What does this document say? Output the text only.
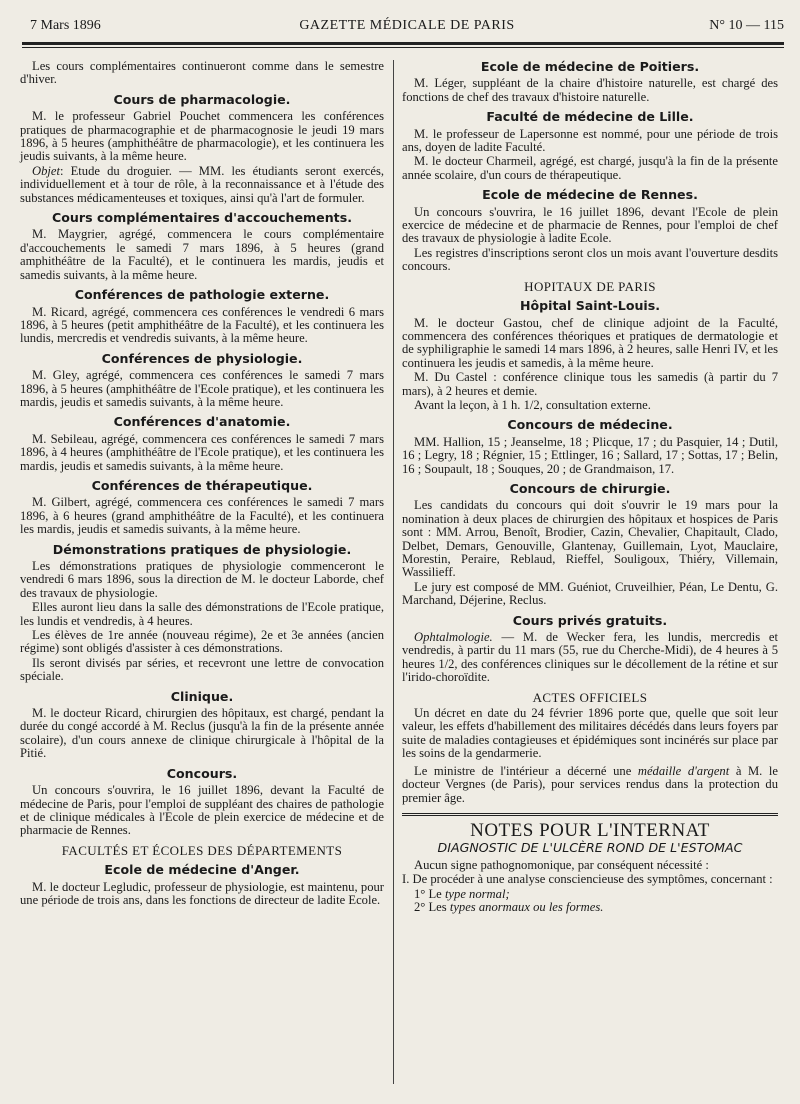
7 Mars 1896	GAZETTE MÉDICALE DE PARIS	N° 10 — 115

Les cours complémentaires continueront comme dans le semestre d'hiver.

Cours de pharmacologie.

M. le professeur Gabriel Pouchet commencera les conférences pratiques de pharmacographie et de pharmacognosie le jeudi 19 mars 1896, à 5 heures (amphithéâtre de pharmacologie), et les continuera les jeudis suivants, à la même heure.

Objet: Etude du droguier. — MM. les étudiants seront exercés, individuellement et à tour de rôle, à la reconnaissance et à l'étude des substances médicamenteuses et toxiques, ainsi qu'à l'art de formuler.

Cours complémentaires d'accouchements.

M. Maygrier, agrégé, commencera le cours complémentaire d'accouchements le samedi 7 mars 1896, à 5 heures (grand amphithéâtre de la Faculté), et le continuera les mardis, jeudis et samedis suivants, à la même heure.

Conférences de pathologie externe.

M. Ricard, agrégé, commencera ces conférences le vendredi 6 mars 1896, à 5 heures (petit amphithéâtre de la Faculté), et les continuera les lundis, mercredis et vendredis suivants, à la même heure.

Conférences de physiologie.

M. Gley, agrégé, commencera ces conférences le samedi 7 mars 1896, à 5 heures (amphithéâtre de l'Ecole pratique), et les continuera les mardis, jeudis et samedis suivants, à la même heure.

Conférences d'anatomie.

M. Sebileau, agrégé, commencera ces conférences le samedi 7 mars 1896, à 4 heures (amphithéâtre de l'Ecole pratique), et les continuera les mardis, jeudis et samedis suivants, à la même heure.

Conférences de thérapeutique.

M. Gilbert, agrégé, commencera ces conférences le samedi 7 mars 1896, à 6 heures (grand amphithéâtre de la Faculté), et les continuera les mardis, jeudis et samedis suivants, à la même heure.

Démonstrations pratiques de physiologie.

Les démonstrations pratiques de physiologie commenceront le vendredi 6 mars 1896, sous la direction de M. le docteur Laborde, chef des travaux de physiologie.

Elles auront lieu dans la salle des démonstrations de l'Ecole pratique, les lundis et vendredis, à 4 heures.

Les élèves de 1re année (nouveau régime), 2e et 3e années (ancien régime) sont obligés d'assister à ces démonstrations.

Ils seront divisés par séries, et recevront une lettre de convocation spéciale.

Clinique.

M. le docteur Ricard, chirurgien des hôpitaux, est chargé, pendant la durée du congé accordé à M. Reclus (jusqu'à la fin de la présente année scolaire), d'un cours annexe de clinique chirurgicale à l'hôpital de la Pitié.

Concours.

Un concours s'ouvrira, le 16 juillet 1896, devant la Faculté de médecine de Paris, pour l'emploi de suppléant des chaires de pathologie et de clinique médicales à l'Ecole de plein exercice de médecine et de pharmacie de Rennes.

FACULTÉS ET ÉCOLES DES DÉPARTEMENTS
Ecole de médecine d'Anger.

M. le docteur Legludic, professeur de physiologie, est maintenu, pour une période de trois ans, dans les fonctions de directeur de ladite Ecole.

Ecole de médecine de Poitiers.

M. Léger, suppléant de la chaire d'histoire naturelle, est chargé des fonctions de chef des travaux d'histoire naturelle.

Faculté de médecine de Lille.

M. le professeur de Lapersonne est nommé, pour une période de trois ans, doyen de ladite Faculté.

M. le docteur Charmeil, agrégé, est chargé, jusqu'à la fin de la présente année scolaire, d'un cours de thérapeutique.

Ecole de médecine de Rennes.

Un concours s'ouvrira, le 16 juillet 1896, devant l'Ecole de plein exercice de médecine et de pharmacie de Rennes, pour l'emploi de chef des travaux de physiologie à ladite Ecole.

Les registres d'inscriptions seront clos un mois avant l'ouverture desdits concours.

HOPITAUX DE PARIS
Hôpital Saint-Louis.

M. le docteur Gastou, chef de clinique adjoint de la Faculté, commencera des conférences théoriques et pratiques de dermatologie et de syphiligraphie le samedi 14 mars 1896, à 2 heures, salle Henri IV, et les continuera les jeudis et samedis, à la même heure.

M. Du Castel : conférence clinique tous les samedis (à partir du 7 mars), à 2 heures et demie.

Avant la leçon, à 1 h. 1/2, consultation externe.

Concours de médecine.

MM. Hallion, 15 ; Jeanselme, 18 ; Plicque, 17 ; du Pasquier, 14 ; Dutil, 16 ; Legry, 18 ; Régnier, 15 ; Ettlinger, 16 ; Sallard, 17 ; Sottas, 17 ; Belin, 16 ; Soupault, 18 ; Souques, 20 ; de Grandmaison, 17.

Concours de chirurgie.

Les candidats du concours qui doit s'ouvrir le 19 mars pour la nomination à deux places de chirurgien des hôpitaux et hospices de Paris sont : MM. Arrou, Benoît, Brodier, Cazin, Chevalier, Chapitault, Clado, Delbet, Demars, Genouville, Glantenay, Guillemain, Lyot, Mauclaire, Morestin, Peraire, Reblaud, Rieffel, Souligoux, Thiéry, Villemain, Wassilieff.

Le jury est composé de MM. Guéniot, Cruveilhier, Péan, Le Dentu, G. Marchand, Déjerine, Reclus.

Cours privés gratuits.

Ophtalmologie. — M. de Wecker fera, les lundis, mercredis et vendredis, à partir du 11 mars (55, rue du Cherche-Midi), de 4 heures à 5 heures 1/2, des conférences cliniques sur le décollement de la rétine et sur l'irido-choroïdite.

ACTES OFFICIELS

Un décret en date du 24 février 1896 porte que, quelle que soit leur valeur, les effets d'habillement des militaires décédés dans leurs foyers par suite de maladies contagieuses et épidémiques sont incinérés sur place par les soins de la gendarmerie.

Le ministre de l'intérieur a décerné une médaille d'argent à M. le docteur Vergnes (de Paris), pour services rendus dans la protection du premier âge.

NOTES POUR L'INTERNAT
DIAGNOSTIC DE L'ULCÈRE ROND DE L'ESTOMAC

Aucun signe pathognomonique, par conséquent nécessité :

I. De procéder à une analyse consciencieuse des symptômes, concernant :

1° Le type normal;
2° Les types anormaux ou les formes.
